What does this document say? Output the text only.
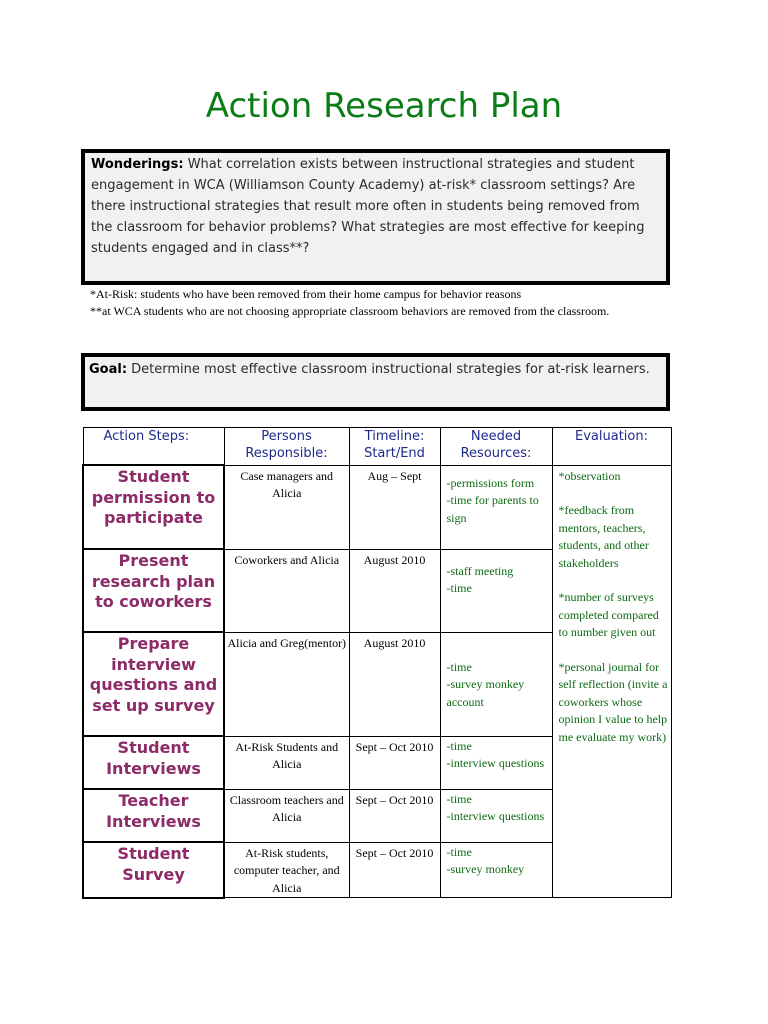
Action Research Plan
Wonderings: What correlation exists between instructional strategies and student engagement in WCA (Williamson County Academy) at-risk* classroom settings? Are there instructional strategies that result more often in students being removed from the classroom for behavior problems? What strategies are most effective for keeping students engaged and in class**?
*At-Risk: students who have been removed from their home campus for behavior reasons
**at WCA students who are not choosing appropriate classroom behaviors are removed from the classroom.
Goal: Determine most effective classroom instructional strategies for at-risk learners.
Action Steps:	Persons Responsible:	Timeline: Start/End	Needed Resources:	Evaluation:
Student permission to participate	Case managers and Alicia	Aug – Sept	-permissions form
-time for parents to sign	*observation
*feedback from mentors, teachers, students, and other stakeholders
*number of surveys completed compared to number given out
*personal journal for self reflection (invite a coworkers whose opinion I value to help me evaluate my work)

Present research plan to coworkers	Coworkers and Alicia	August 2010	-staff meeting
-time	

Prepare interview questions and set up survey	Alicia and Greg(mentor)	August 2010	-time
-survey monkey account	

Student Interviews	At-Risk Students and Alicia	Sept – Oct 2010	-time
-interview questions	

Teacher Interviews	Classroom teachers and Alicia	Sept – Oct 2010	-time
-interview questions	

Student Survey	At-Risk students, computer teacher, and Alicia	Sept – Oct 2010	-time
-survey monkey	
